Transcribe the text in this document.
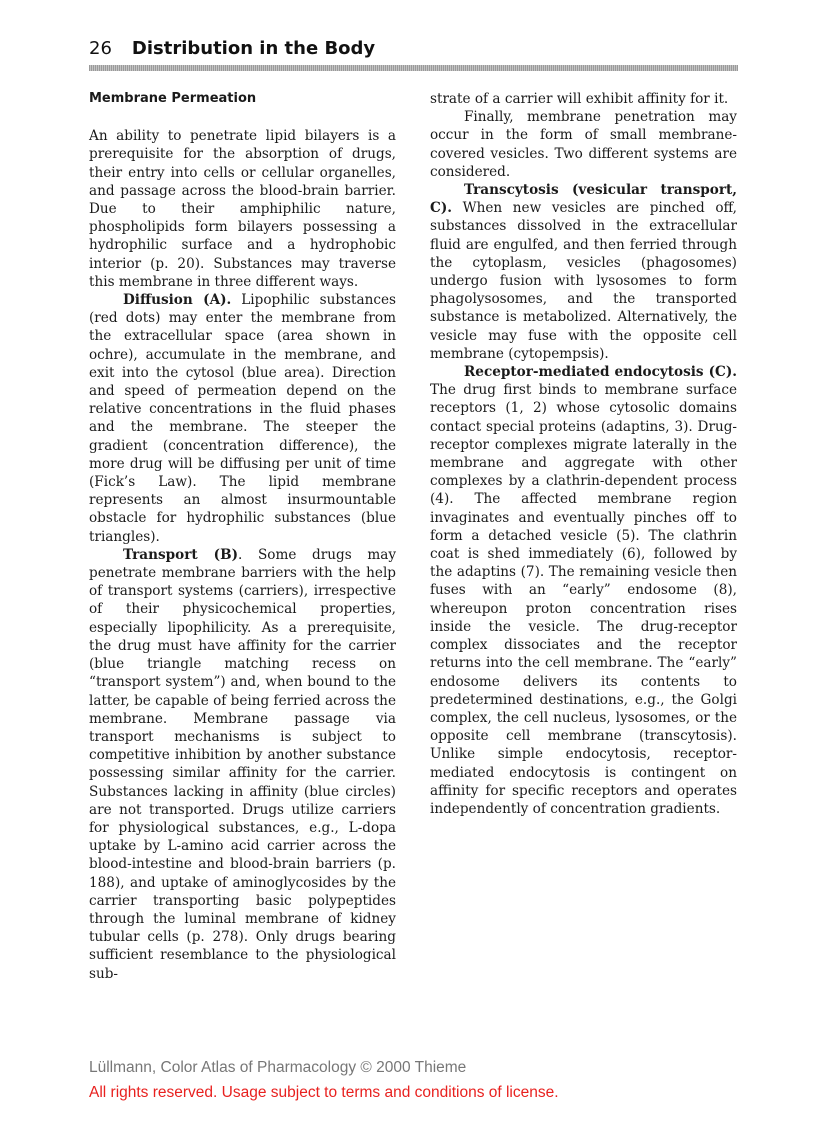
26 Distribution in the Body

Membrane Permeation

An ability to penetrate lipid bilayers is a prerequisite for the absorption of drugs, their entry into cells or cellular organelles, and passage across the blood-brain barrier. Due to their amphiphilic nature, phospholipids form bilayers possessing a hydrophilic surface and a hydrophobic interior (p. 20). Substances may traverse this membrane in three different ways.

Diffusion (A). Lipophilic substances (red dots) may enter the membrane from the extracellular space (area shown in ochre), accumulate in the membrane, and exit into the cytosol (blue area). Direction and speed of permeation depend on the relative concentrations in the fluid phases and the membrane. The steeper the gradient (concentration difference), the more drug will be diffusing per unit of time (Fick’s Law). The lipid membrane represents an almost insurmountable obstacle for hydrophilic substances (blue triangles).

Transport (B). Some drugs may penetrate membrane barriers with the help of transport systems (carriers), irrespective of their physicochemical properties, especially lipophilicity. As a prerequisite, the drug must have affinity for the carrier (blue triangle matching recess on “transport system”) and, when bound to the latter, be capable of being ferried across the membrane. Membrane passage via transport mechanisms is subject to competitive inhibition by another substance possessing similar affinity for the carrier. Substances lacking in affinity (blue circles) are not transported. Drugs utilize carriers for physiological substances, e.g., L-dopa uptake by L-amino acid carrier across the blood-intestine and blood-brain barriers (p. 188), and uptake of aminoglycosides by the carrier transporting basic polypeptides through the luminal membrane of kidney tubular cells (p. 278). Only drugs bearing sufficient resemblance to the physiological sub-

strate of a carrier will exhibit affinity for it.

Finally, membrane penetration may occur in the form of small membrane-covered vesicles. Two different systems are considered.

Transcytosis (vesicular transport, C). When new vesicles are pinched off, substances dissolved in the extracellular fluid are engulfed, and then ferried through the cytoplasm, vesicles (phagosomes) undergo fusion with lysosomes to form phagolysosomes, and the transported substance is metabolized. Alternatively, the vesicle may fuse with the opposite cell membrane (cytopempsis).

Receptor-mediated endocytosis (C). The drug first binds to membrane surface receptors (1, 2) whose cytosolic domains contact special proteins (adaptins, 3). Drug-receptor complexes migrate laterally in the membrane and aggregate with other complexes by a clathrin-dependent process (4). The affected membrane region invaginates and eventually pinches off to form a detached vesicle (5). The clathrin coat is shed immediately (6), followed by the adaptins (7). The remaining vesicle then fuses with an “early” endosome (8), whereupon proton concentration rises inside the vesicle. The drug-receptor complex dissociates and the receptor returns into the cell membrane. The “early” endosome delivers its contents to predetermined destinations, e.g., the Golgi complex, the cell nucleus, lysosomes, or the opposite cell membrane (transcytosis). Unlike simple endocytosis, receptor-mediated endocytosis is contingent on affinity for specific receptors and operates independently of concentration gradients.

Lüllmann, Color Atlas of Pharmacology © 2000 Thieme
All rights reserved. Usage subject to terms and conditions of license.
